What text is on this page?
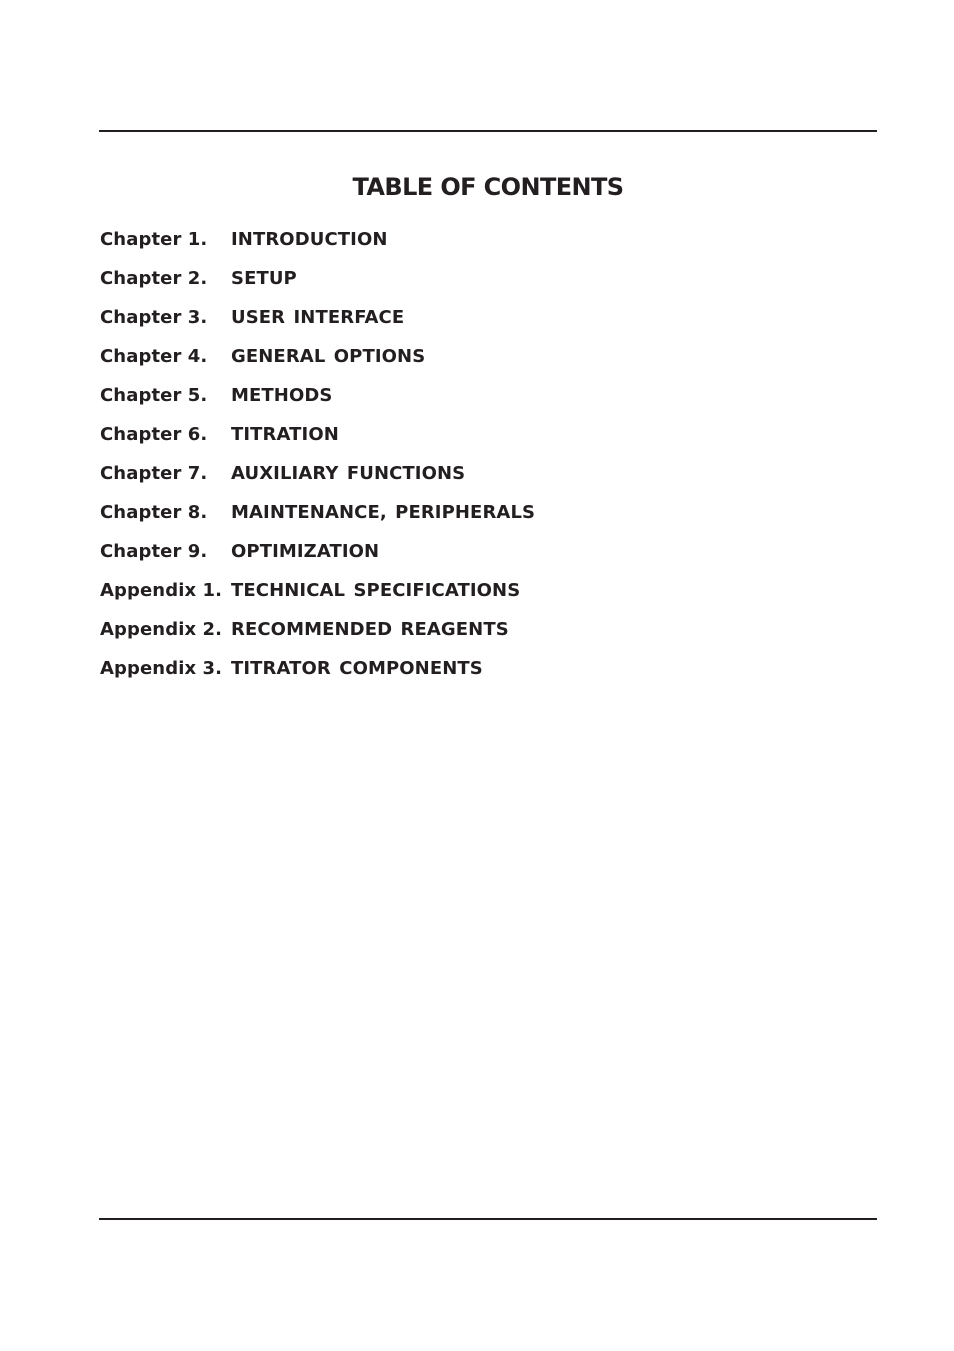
TABLE OF CONTENTS
Chapter 1.	INTRODUCTION
Chapter 2.	SETUP
Chapter 3.	USER INTERFACE
Chapter 4.	GENERAL OPTIONS
Chapter 5.	METHODS
Chapter 6.	TITRATION
Chapter 7.	AUXILIARY FUNCTIONS
Chapter 8.	MAINTENANCE, PERIPHERALS
Chapter 9.	OPTIMIZATION
Appendix 1. TECHNICAL SPECIFICATIONS
Appendix 2. RECOMMENDED REAGENTS
Appendix 3. TITRATOR COMPONENTS
